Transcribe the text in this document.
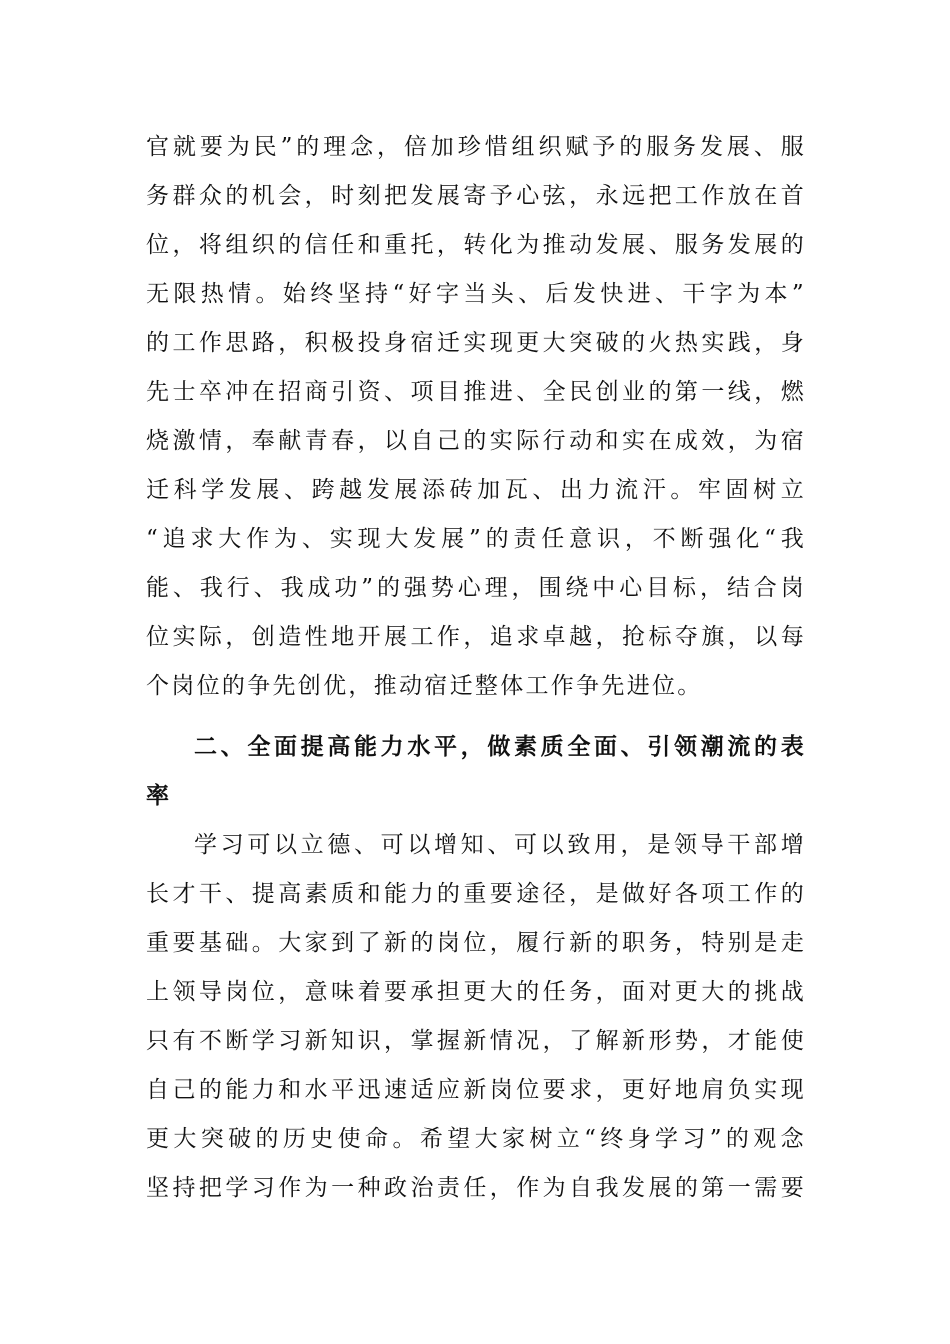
官就要为民”的理念，倍加珍惜组织赋予的服务发展、服
务群众的机会，时刻把发展寄予心弦，永远把工作放在首
位，将组织的信任和重托，转化为推动发展、服务发展的
无限热情。始终坚持“好字当头、后发快进、干字为本”
的工作思路，积极投身宿迁实现更大突破的火热实践，身
先士卒冲在招商引资、项目推进、全民创业的第一线，燃
烧激情，奉献青春，以自己的实际行动和实在成效，为宿
迁科学发展、跨越发展添砖加瓦、出力流汗。牢固树立
“追求大作为、实现大发展”的责任意识，不断强化“我
能、我行、我成功”的强势心理，围绕中心目标，结合岗
位实际，创造性地开展工作，追求卓越，抢标夺旗，以每
个岗位的争先创优，推动宿迁整体工作争先进位。
二、全面提高能力水平，做素质全面、引领潮流的表
率
学习可以立德、可以增知、可以致用，是领导干部增
长才干、提高素质和能力的重要途径，是做好各项工作的
重要基础。大家到了新的岗位，履行新的职务，特别是走
上领导岗位，意味着要承担更大的任务，面对更大的挑战
只有不断学习新知识，掌握新情况，了解新形势，才能使
自己的能力和水平迅速适应新岗位要求，更好地肩负实现
更大突破的历史使命。希望大家树立“终身学习”的观念
坚持把学习作为一种政治责任，作为自我发展的第一需要
